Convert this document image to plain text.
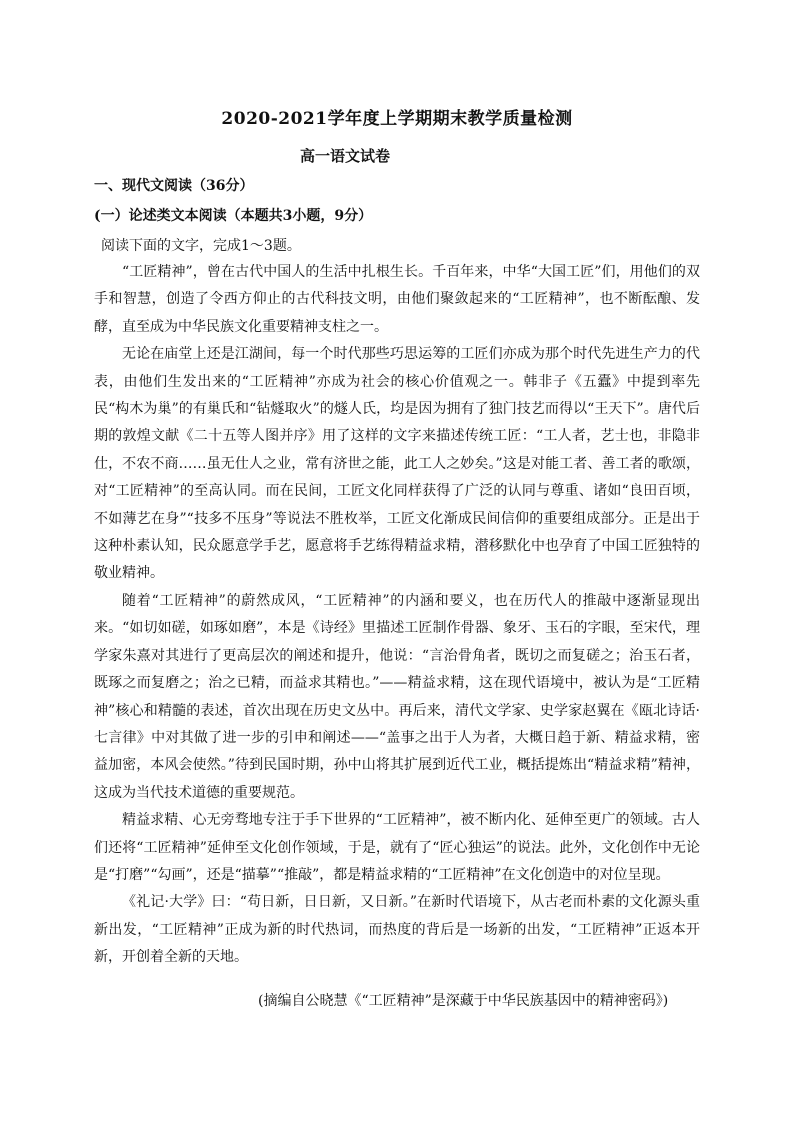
2020-2021学年度上学期期末教学质量检测
高一语文试卷
一、现代文阅读（36分）
(一）论述类文本阅读（本题共3小题，9分）
阅读下面的文字，完成1～3题。

“工匠精神”，曾在古代中国人的生活中扎根生长。千百年来，中华“大国工匠”们，用他们的双手和智慧，创造了令西方仰止的古代科技文明，由他们聚敛起来的“工匠精神”，也不断酝酿、发酵，直至成为中华民族文化重要精神支柱之一。

无论在庙堂上还是江湖间，每一个时代那些巧思运筹的工匠们亦成为那个时代先进生产力的代表，由他们生发出来的“工匠精神”亦成为社会的核心价值观之一。韩非子《五蠹》中提到率先民“构木为巢”的有巢氏和“钻燧取火”的燧人氏，均是因为拥有了独门技艺而得以“王天下”。唐代后期的敦煌文献《二十五等人图并序》用了这样的文字来描述传统工匠：“工人者，艺士也，非隐非仕，不农不商……虽无仕人之业，常有济世之能，此工人之妙矣。”这是对能工者、善工者的歌颂，对“工匠精神”的至高认同。而在民间，工匠文化同样获得了广泛的认同与尊重、诸如“良田百顷，不如薄艺在身”“技多不压身”等说法不胜枚举，工匠文化渐成民间信仰的重要组成部分。正是出于这种朴素认知，民众愿意学手艺，愿意将手艺练得精益求精，潜移默化中也孕育了中国工匠独特的敬业精神。

随着“工匠精神”的蔚然成风，“工匠精神”的内涵和要义，也在历代人的推敲中逐渐显现出来。“如切如磋，如琢如磨”，本是《诗经》里描述工匠制作骨器、象牙、玉石的字眼，至宋代，理学家朱熹对其进行了更高层次的阐述和提升，他说：“言治骨角者，既切之而复磋之；治玉石者，既琢之而复磨之；治之已精，而益求其精也。”——精益求精，这在现代语境中，被认为是“工匠精神”核心和精髓的表述，首次出现在历史文丛中。再后来，清代文学家、史学家赵翼在《瓯北诗话·七言律》中对其做了进一步的引申和阐述——“盖事之出于人为者，大概日趋于新、精益求精，密益加密，本风会使然。”待到民国时期，孙中山将其扩展到近代工业，概括提炼出“精益求精”精神，这成为当代技术道德的重要规范。

精益求精、心无旁骛地专注于手下世界的“工匠精神”，被不断内化、延伸至更广的领域。古人们还将“工匠精神”延伸至文化创作领域，于是，就有了“匠心独运”的说法。此外，文化创作中无论是“打磨”“勾画”，还是“描摹”“推敲”，都是精益求精的“工匠精神”在文化创造中的对位呈现。

《礼记·大学》曰：“苟日新，日日新，又日新。”在新时代语境下，从古老而朴素的文化源头重新出发，“工匠精神”正成为新的时代热词，而热度的背后是一场新的出发，“工匠精神”正返本开新，开创着全新的天地。

(摘编自公晓慧《“工匠精神”是深藏于中华民族基因中的精神密码》)
